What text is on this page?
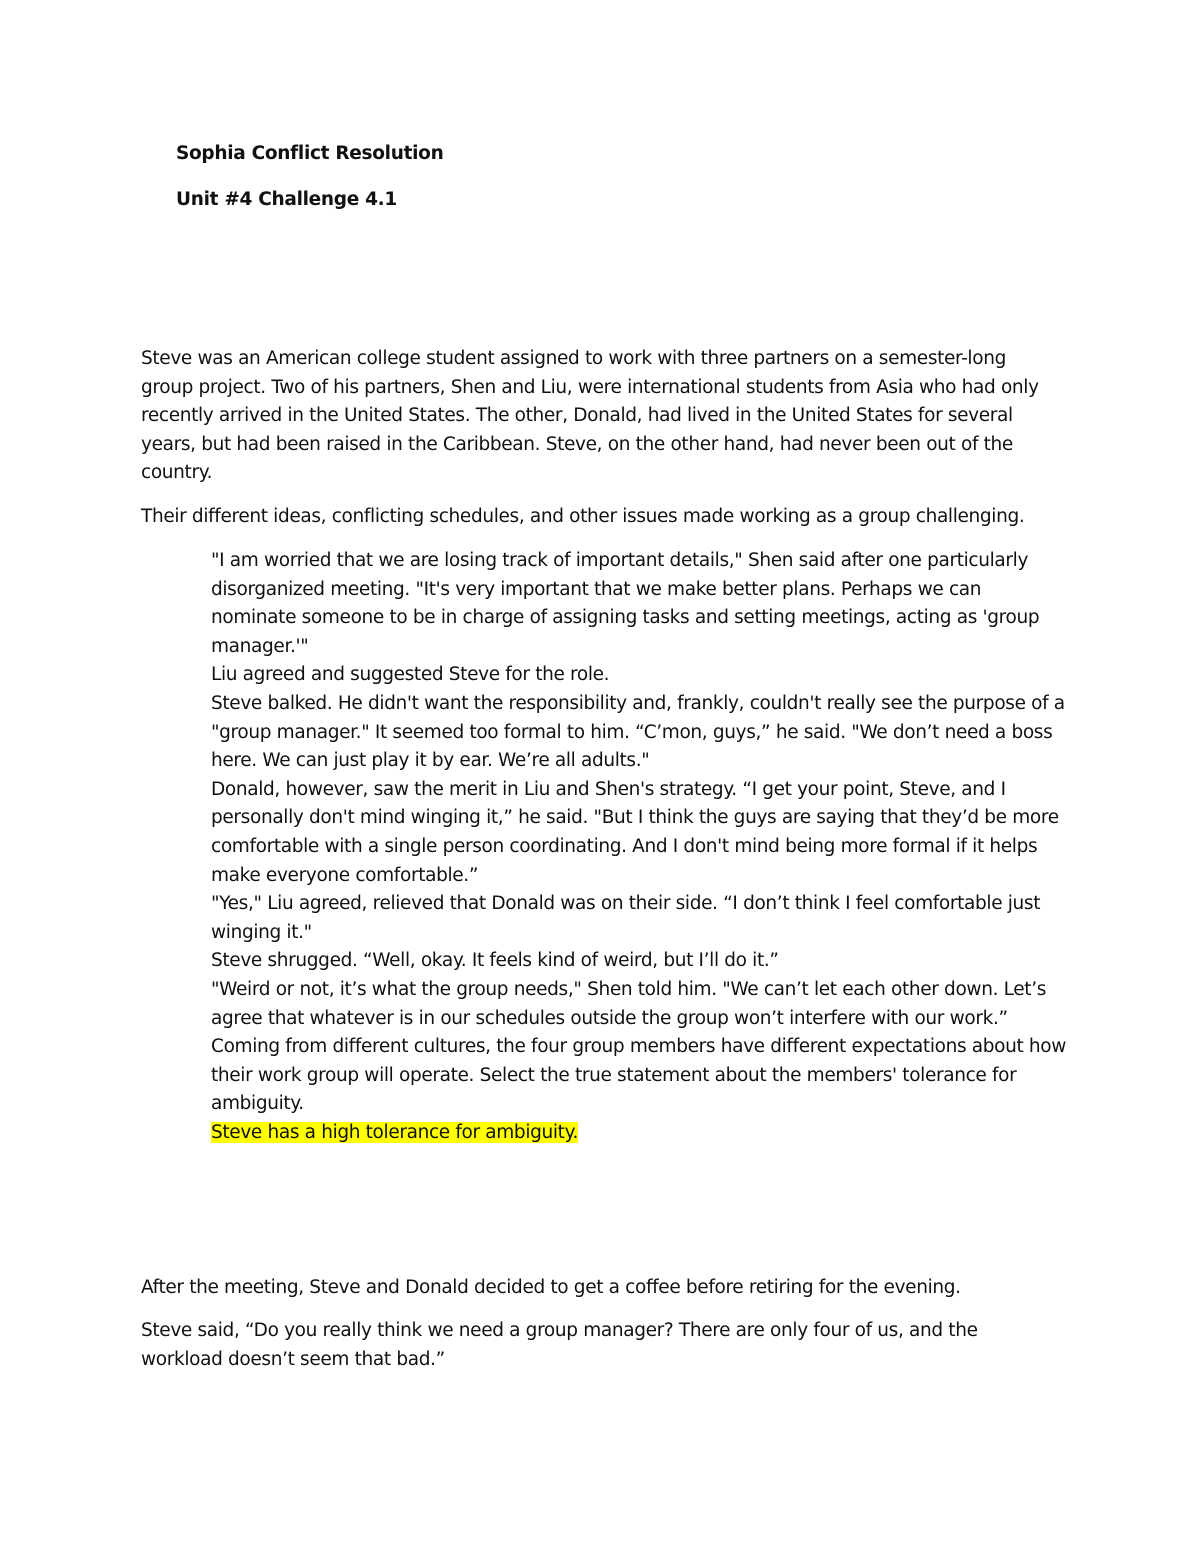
Sophia Conflict Resolution
Unit #4 Challenge 4.1

Steve was an American college student assigned to work with three partners on a semester-long group project. Two of his partners, Shen and Liu, were international students from Asia who had only recently arrived in the United States. The other, Donald, had lived in the United States for several years, but had been raised in the Caribbean. Steve, on the other hand, had never been out of the country.

Their different ideas, conflicting schedules, and other issues made working as a group challenging.

"I am worried that we are losing track of important details," Shen said after one particularly disorganized meeting. "It's very important that we make better plans. Perhaps we can nominate someone to be in charge of assigning tasks and setting meetings, acting as 'group manager.'"

Liu agreed and suggested Steve for the role.

Steve balked. He didn't want the responsibility and, frankly, couldn't really see the purpose of a "group manager." It seemed too formal to him. “C’mon, guys,” he said. "We don’t need a boss here. We can just play it by ear. We’re all adults."

Donald, however, saw the merit in Liu and Shen's strategy. “I get your point, Steve, and I personally don't mind winging it,” he said. "But I think the guys are saying that they’d be more comfortable with a single person coordinating. And I don't mind being more formal if it helps make everyone comfortable.”

"Yes," Liu agreed, relieved that Donald was on their side. “I don’t think I feel comfortable just winging it."

Steve shrugged. “Well, okay. It feels kind of weird, but I’ll do it.”

"Weird or not, it’s what the group needs," Shen told him. "We can’t let each other down. Let’s agree that whatever is in our schedules outside the group won’t interfere with our work.”

Coming from different cultures, the four group members have different expectations about how their work group will operate. Select the true statement about the members' tolerance for ambiguity.

Steve has a high tolerance for ambiguity.

After the meeting, Steve and Donald decided to get a coffee before retiring for the evening.

Steve said, “Do you really think we need a group manager? There are only four of us, and the workload doesn’t seem that bad.”
